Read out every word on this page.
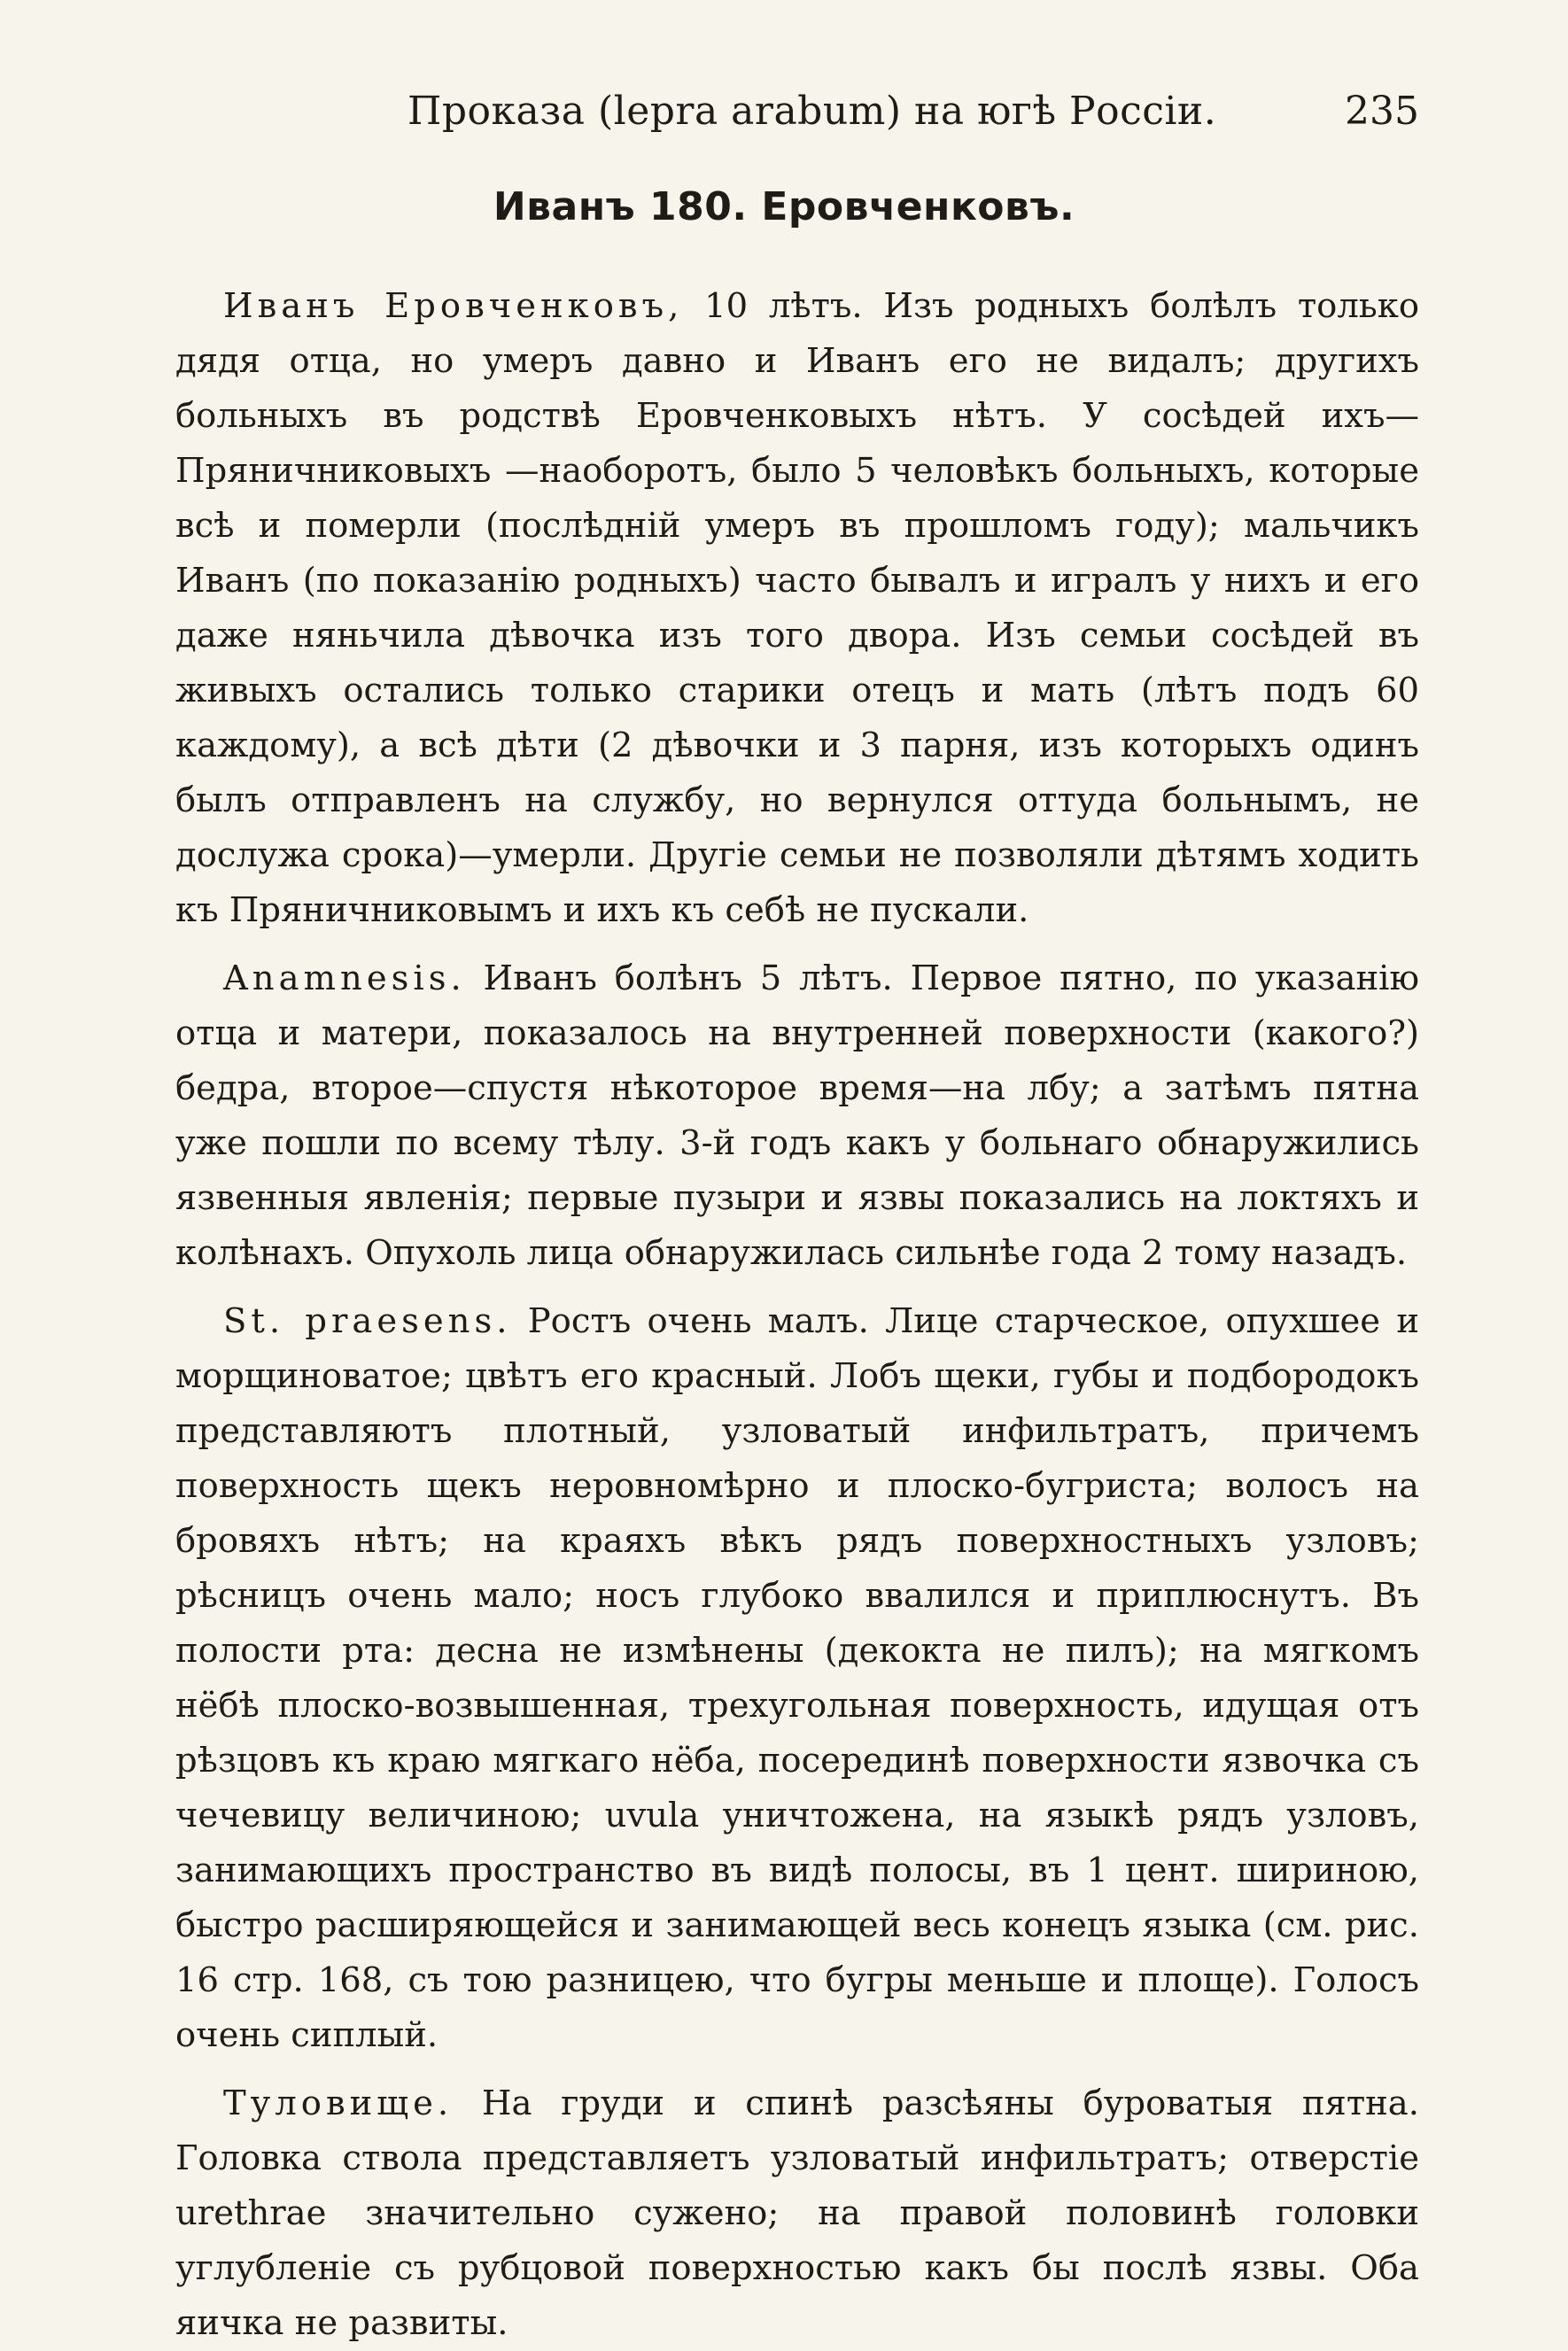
Проказа (lepra arabum) на югѣ Россіи.	235
Иванъ 180. Еровченковъ.

Иванъ Еровченковъ, 10 лѣтъ. Изъ родныхъ болѣлъ только дядя отца, но умеръ давно и Иванъ его не видалъ; другихъ больныхъ въ родствѣ Еровченковыхъ нѣтъ. У сосѣдей ихъ—Пряничниковыхъ —наоборотъ, было 5 человѣкъ больныхъ, которые всѣ и померли (послѣдній умеръ въ прошломъ году); мальчикъ Иванъ (по показанію родныхъ) часто бывалъ и игралъ у нихъ и его даже няньчила дѣвочка изъ того двора. Изъ семьи сосѣдей въ живыхъ остались только старики отецъ и мать (лѣтъ подъ 60 каждому), а всѣ дѣти (2 дѣвочки и 3 парня, изъ которыхъ одинъ былъ отправленъ на службу, но вернулся оттуда больнымъ, не дослужа срока)—умерли. Другіе семьи не позволяли дѣтямъ ходить къ Пряничниковымъ и ихъ къ себѣ не пускали.

Anamnesis. Иванъ болѣнъ 5 лѣтъ. Первое пятно, по указанію отца и матери, показалось на внутренней поверхности (какого?) бедра, второе—спустя нѣкоторое время—на лбу; а затѣмъ пятна уже пошли по всему тѣлу. 3-й годъ какъ у больнаго обнаружились язвенныя явленія; первые пузыри и язвы показались на локтяхъ и колѣнахъ. Опухоль лица обнаружилась сильнѣе года 2 тому назадъ.

St. praesens. Ростъ очень малъ. Лице старческое, опухшее и морщиноватое; цвѣтъ его красный. Лобъ щеки, губы и подбородокъ представляютъ плотный, узловатый инфильтратъ, причемъ поверхность щекъ неровномѣрно и плоско-бугриста; волосъ на бровяхъ нѣтъ; на краяхъ вѣкъ рядъ поверхностныхъ узловъ; рѣсницъ очень мало; носъ глубоко ввалился и приплюснутъ. Въ полости рта: десна не измѣнены (декокта не пилъ); на мягкомъ нёбѣ плоско-возвышенная, трехугольная поверхность, идущая отъ рѣзцовъ къ краю мягкаго нёба, посерединѣ поверхности язвочка съ чечевицу величиною; uvula уничтожена, на языкѣ рядъ узловъ, занимающихъ пространство въ видѣ полосы, въ 1 цент. шириною, быстро расширяющейся и занимающей весь конецъ языка (см. рис. 16 стр. 168, съ тою разницею, что бугры меньше и площе). Голосъ очень сиплый.

Туловище. На груди и спинѣ разсѣяны буроватыя пятна. Головка ствола представляетъ узловатый инфильтратъ; отверстіе urethrae значительно сужено; на правой половинѣ головки углубленіе съ рубцовой поверхностью какъ бы послѣ язвы. Оба яичка не развиты.
